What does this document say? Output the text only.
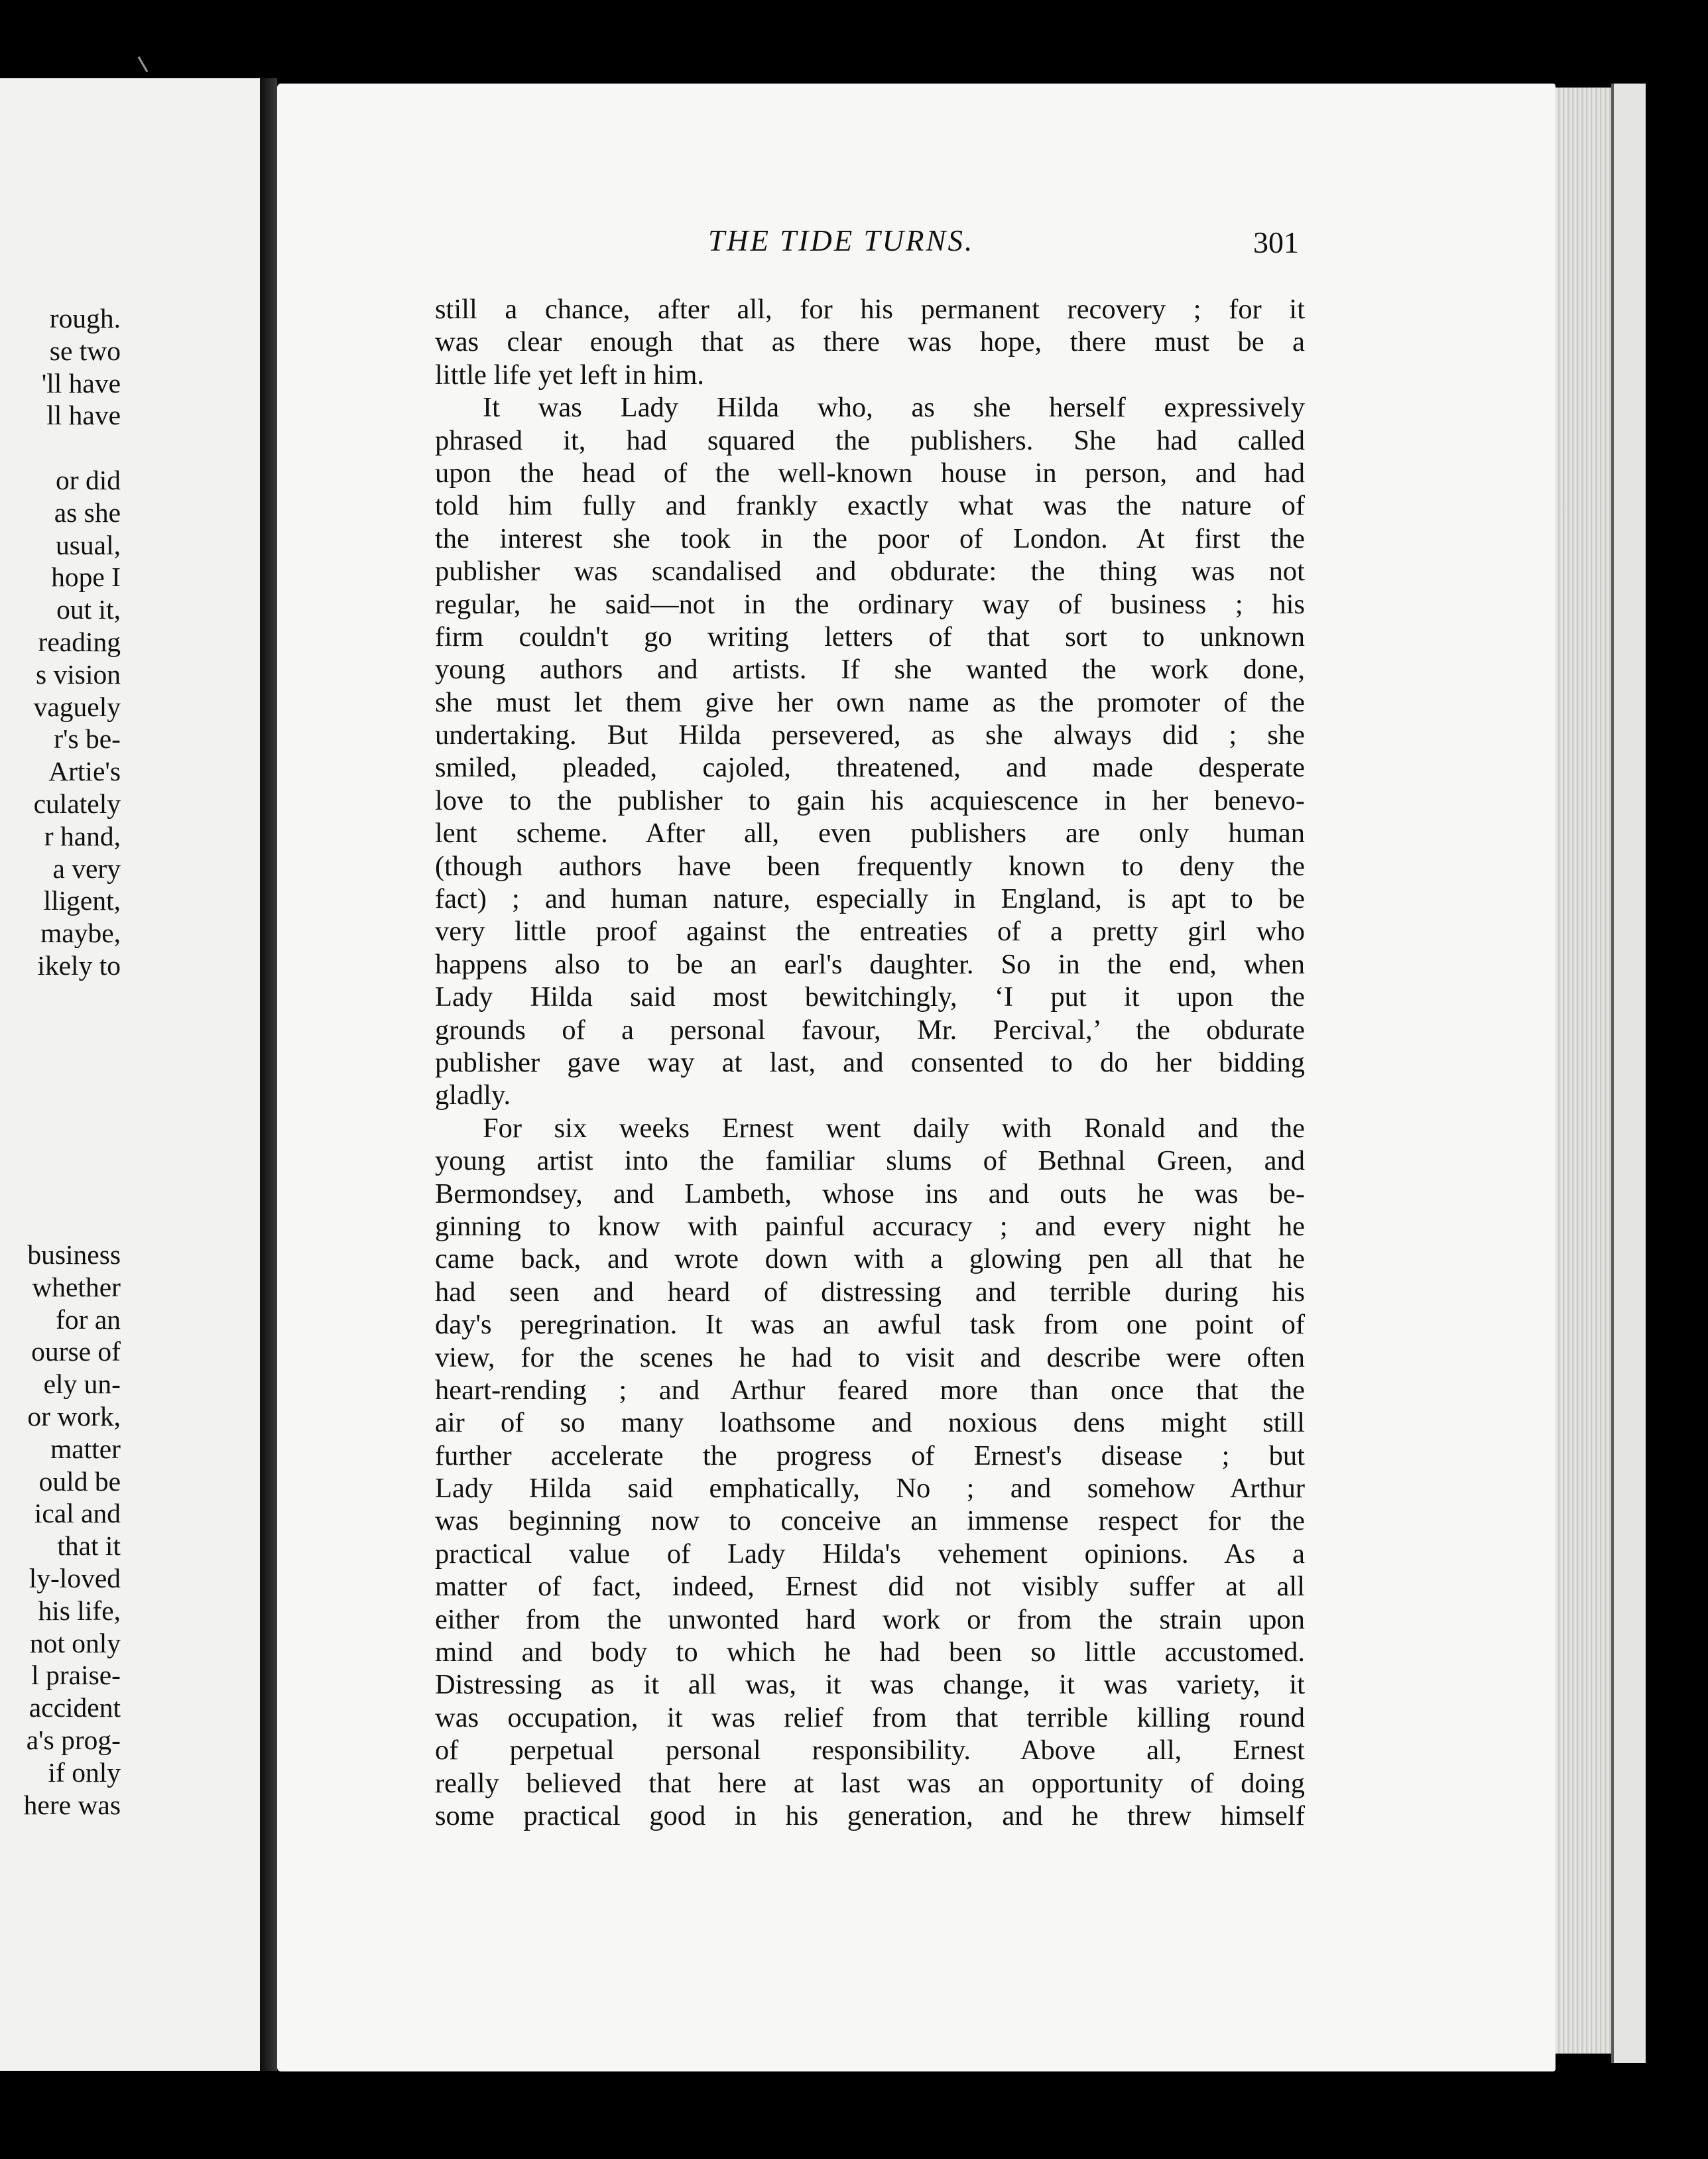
rough.
se two
'll have
ll have
or did
as she
usual,
hope I
out it,
reading
s vision
vaguely
r's be-
Artie's
culately
r hand,
a very
lligent,
maybe,
ikely to
business
whether
for an
ourse of
ely un-
or work,
matter
ould be
ical and
that it
ly-loved
his life,
not only
l praise-
accident
a's prog-
if only
here was
THE TIDE TURNS.	301
still a chance, after all, for his permanent recovery ; for it
was clear enough that as there was hope, there must be a
little life yet left in him.
It was Lady Hilda who, as she herself expressively
phrased it, had squared the publishers. She had called
upon the head of the well-known house in person, and had
told him fully and frankly exactly what was the nature of
the interest she took in the poor of London. At first the
publisher was scandalised and obdurate: the thing was not
regular, he said—not in the ordinary way of business ; his
firm couldn't go writing letters of that sort to unknown
young authors and artists. If she wanted the work done,
she must let them give her own name as the promoter of the
undertaking. But Hilda persevered, as she always did ; she
smiled, pleaded, cajoled, threatened, and made desperate
love to the publisher to gain his acquiescence in her benevo-
lent scheme. After all, even publishers are only human
(though authors have been frequently known to deny the
fact) ; and human nature, especially in England, is apt to be
very little proof against the entreaties of a pretty girl who
happens also to be an earl's daughter. So in the end, when
Lady Hilda said most bewitchingly, ‘I put it upon the
grounds of a personal favour, Mr. Percival,’ the obdurate
publisher gave way at last, and consented to do her bidding
gladly.
For six weeks Ernest went daily with Ronald and the
young artist into the familiar slums of Bethnal Green, and
Bermondsey, and Lambeth, whose ins and outs he was be-
ginning to know with painful accuracy ; and every night he
came back, and wrote down with a glowing pen all that he
had seen and heard of distressing and terrible during his
day's peregrination. It was an awful task from one point of
view, for the scenes he had to visit and describe were often
heart-rending ; and Arthur feared more than once that the
air of so many loathsome and noxious dens might still
further accelerate the progress of Ernest's disease ; but
Lady Hilda said emphatically, No ; and somehow Arthur
was beginning now to conceive an immense respect for the
practical value of Lady Hilda's vehement opinions. As a
matter of fact, indeed, Ernest did not visibly suffer at all
either from the unwonted hard work or from the strain upon
mind and body to which he had been so little accustomed.
Distressing as it all was, it was change, it was variety, it
was occupation, it was relief from that terrible killing round
of perpetual personal responsibility. Above all, Ernest
really believed that here at last was an opportunity of doing
some practical good in his generation, and he threw himself
